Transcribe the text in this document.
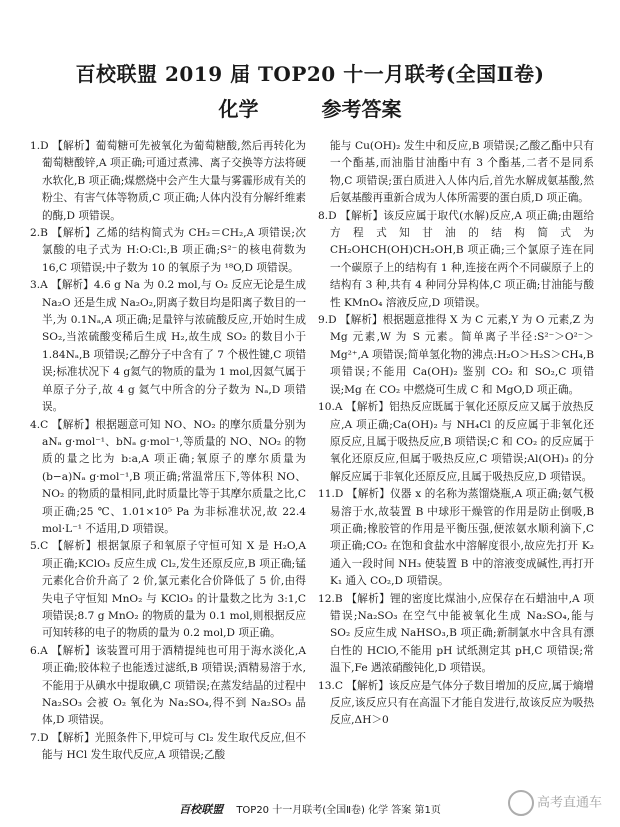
百校联盟 2019 届 TOP20 十一月联考(全国Ⅱ卷)
化学	参考答案
1.D 【解析】葡萄糖可先被氧化为葡萄糖酸,然后再转化为葡萄糖酸锌,A 项正确;可通过煮沸、离子交换等方法将硬水软化,B 项正确;煤燃烧中会产生大量与雾霾形成有关的粉尘、有害气体等物质,C 项正确;人体内没有分解纤维素的酶,D 项错误。
2.B 【解析】乙烯的结构简式为 CH₂＝CH₂,A 项错误;次氯酸的电子式为 H:O:Cl:,B 项正确;S²⁻的核电荷数为 16,C 项错误;中子数为 10 的氧原子为 ¹⁸O,D 项错误。
3.A 【解析】4.6 g Na 为 0.2 mol,与 O₂ 反应无论是生成 Na₂O 还是生成 Na₂O₂,阴离子数目均是阳离子数目的一半,为 0.1Nₐ,A 项正确;足量锌与浓硫酸反应,开始时生成 SO₂,当浓硫酸变稀后生成 H₂,故生成 SO₂ 的数目小于 1.84Nₐ,B 项错误;乙醇分子中含有了 7 个极性键,C 项错误;标准状况下 4 g氦气的物质的量为 1 mol,因氦气属于单原子分子,故 4 g 氦气中所含的分子数为 Nₐ,D 项错误。
4.C 【解析】根据题意可知 NO、NO₂ 的摩尔质量分别为 aNₐ g·mol⁻¹、bNₐ g·mol⁻¹,等质量的 NO、NO₂ 的物质的量之比为 b:a,A 项正确;氧原子的摩尔质量为(b−a)Nₐ g·mol⁻¹,B 项正确;常温常压下,等体积 NO、NO₂ 的物质的量相同,此时质量比等于其摩尔质量之比,C 项正确;25 ℃、1.01×10⁵ Pa 为非标准状况,故 22.4 mol·L⁻¹ 不适用,D 项错误。
5.C 【解析】根据氯原子和氧原子守恒可知 X 是 H₂O,A 项正确;KClO₃ 反应生成 Cl₂,发生还原反应,B 项正确;锰元素化合价升高了 2 价,氯元素化合价降低了 5 价,由得失电子守恒知 MnO₂ 与 KClO₃ 的计量数之比为 3:1,C 项错误;8.7 g MnO₂ 的物质的量为 0.1 mol,则根据反应可知转移的电子的物质的量为 0.2 mol,D 项正确。
6.A 【解析】该装置可用于酒精提纯也可用于海水淡化,A 项正确;胶体粒子也能透过滤纸,B 项错误;酒精易溶于水,不能用于从碘水中提取碘,C 项错误;在蒸发结晶的过程中 Na₂SO₃ 会被 O₂ 氧化为 Na₂SO₄,得不到 Na₂SO₃ 晶体,D 项错误。
7.D 【解析】光照条件下,甲烷可与 Cl₂ 发生取代反应,但不能与 HCl 发生取代反应,A 项错误;乙酸
能与 Cu(OH)₂ 发生中和反应,B 项错误;乙酸乙酯中只有一个酯基,而油脂甘油酯中有 3 个酯基,二者不是同系物,C 项错误;蛋白质进入人体内后,首先水解成氨基酸,然后氨基酸再重新合成为人体所需要的蛋白质,D 项正确。
8.D 【解析】该反应属于取代(水解)反应,A 项正确;由题给方程式知甘油的结构简式为 CH₂OHCH(OH)CH₂OH,B 项正确;三个氯原子连在同一个碳原子上的结构有 1 种,连接在两个不同碳原子上的结构有 3 种,共有 4 种同分异构体,C 项正确;甘油能与酸性 KMnO₄ 溶液反应,D 项错误。
9.D 【解析】根据题意推得 X 为 C 元素,Y 为 O 元素,Z 为 Mg 元素,W 为 S 元素。简单离子半径:S²⁻＞O²⁻＞Mg²⁺,A 项错误;简单氢化物的沸点:H₂O＞H₂S＞CH₄,B 项错误;不能用 Ca(OH)₂ 鉴别 CO₂ 和 SO₂,C 项错误;Mg 在 CO₂ 中燃烧可生成 C 和 MgO,D 项正确。
10.A 【解析】铝热反应既属于氧化还原反应又属于放热反应,A 项正确;Ca(OH)₂ 与 NH₄Cl 的反应属于非氧化还原反应,且属于吸热反应,B 项错误;C 和 CO₂ 的反应属于氧化还原反应,但属于吸热反应,C 项错误;Al(OH)₃ 的分解反应属于非氧化还原反应,且属于吸热反应,D 项错误。
11.D 【解析】仪器 x 的名称为蒸馏烧瓶,A 项正确;氨气极易溶于水,故装置 B 中球形干燥管的作用是防止倒吸,B 项正确;橡胶管的作用是平衡压强,便浓氨水顺利滴下,C 项正确;CO₂ 在饱和食盐水中溶解度很小,故应先打开 K₂ 通入一段时间 NH₃ 使装置 B 中的溶液变成碱性,再打开 K₁ 通入 CO₂,D 项错误。
12.B 【解析】锂的密度比煤油小,应保存在石蜡油中,A 项错误;Na₂SO₃ 在空气中能被氧化生成 Na₂SO₄,能与 SO₂ 反应生成 NaHSO₃,B 项正确;新制氯水中含具有漂白性的 HClO,不能用 pH 试纸测定其 pH,C 项错误;常温下,Fe 遇浓硝酸钝化,D 项错误。
13.C 【解析】该反应是气体分子数目增加的反应,属于熵增反应,该反应只有在高温下才能自发进行,故该反应为吸热反应,ΔH＞0
百校联盟 TOP20 十一月联考(全国Ⅱ卷) 化学 答案 第1页	高考直通车
